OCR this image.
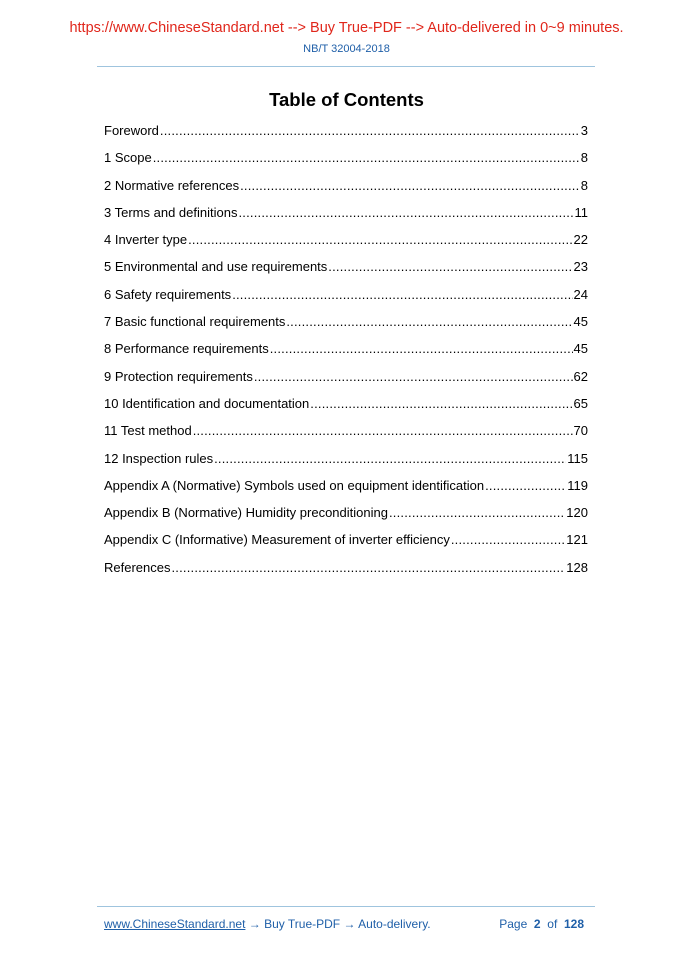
https://www.ChineseStandard.net --> Buy True-PDF --> Auto-delivered in 0~9 minutes.
NB/T 32004-2018
Table of Contents
Foreword .....	3
1 Scope .....	8
2 Normative references .....	8
3 Terms and definitions .....	11
4 Inverter type .....	22
5 Environmental and use requirements .....	23
6 Safety requirements .....	24
7 Basic functional requirements .....	45
8 Performance requirements .....	45
9 Protection requirements .....	62
10 Identification and documentation .....	65
11 Test method .....	70
12 Inspection rules .....	115
Appendix A (Normative) Symbols used on equipment identification .....	119
Appendix B (Normative) Humidity preconditioning .....	120
Appendix C (Informative) Measurement of inverter efficiency .....	121
References .....	128
www.ChineseStandard.net → Buy True-PDF → Auto-delivery.	Page 2 of 128
